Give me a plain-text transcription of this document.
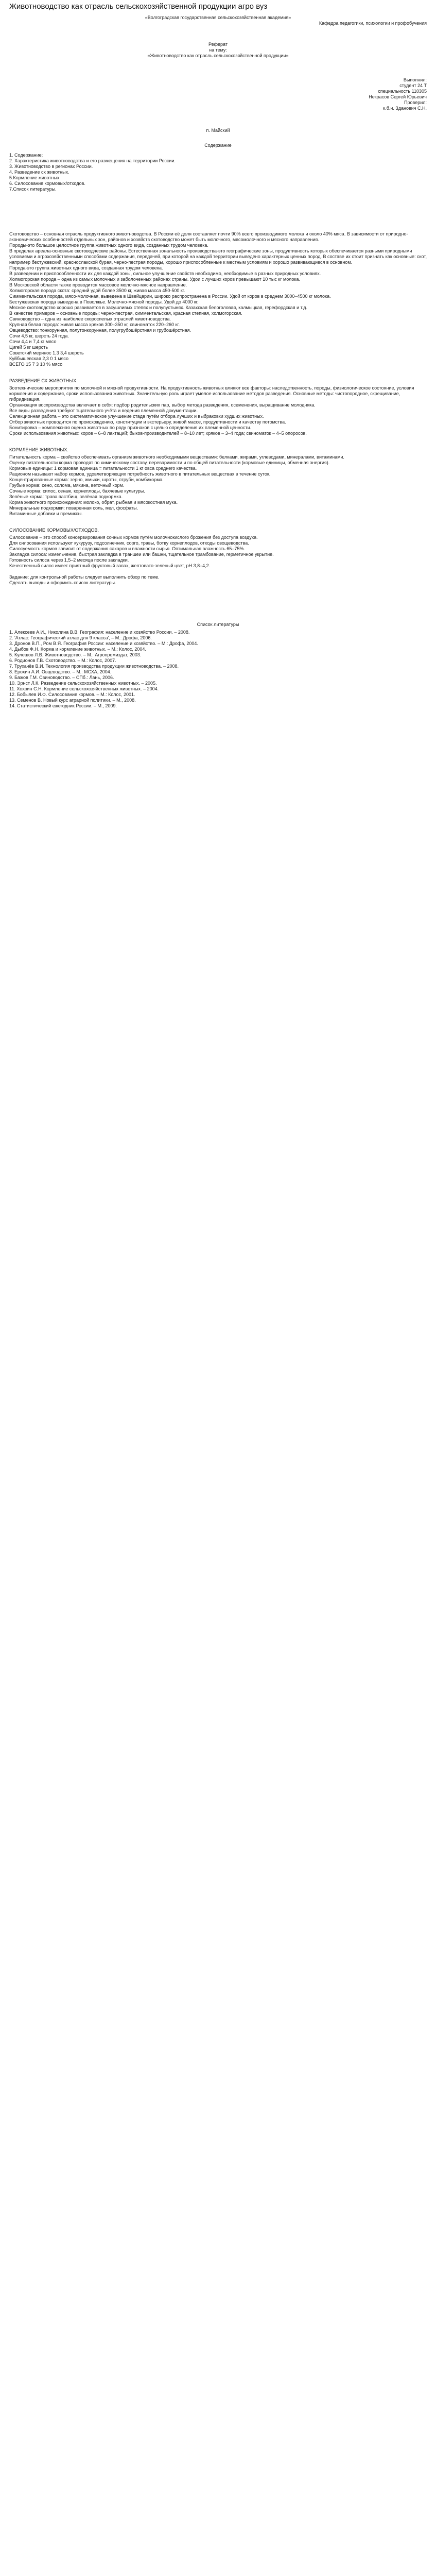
Животноводство как отрасль сельскохозяйственной продукции агро вуз

«Волгоградская государственная сельскохозяйственная академия»

Кафедра педагогики, психологии и профобучения

Реферат

на тему:

«Животноводство как отрасль сельскохозяйственной продукции»

Выполнил:

студент 24 Т

специальность 110305

Некрасов Сергей Юрьевич

Проверил:

к.б.н. Зданович С.Н.

п. Майский

Содержание

1. Содержание;

2. Характеристика животноводства и его размещения на территории России.

3. Животноводство в регионах России.

4. Разведение сх животных.

5.Кормление животных.

6. Силосование кормовых/отходов.

7.Список литературы.

Скотоводство – основная отрасль продуктивного животноводства. В России её доля составляет почти 90% всего производимого молока и около 40% мяса. В зависимости от природно-экономических особенностей отдельных зон, районов и хозяйств скотоводство может быть молочного, мясомолочного и мясного направления.

Породы-это большое целостное группа животных одного вида, созданных трудом человека.

В пределах ареала-основные скотоводческие районы. Естественная зональность производства-это географические зоны, продуктивность которых обеспечивается разными природными условиями и агрохозяйственными способами содержания, передачей, при которой на каждой территории выведено характерных ценных пород. В составе их стоит признать как основные: скот, например бестужевский, краснослакской бурая, черно-пестрая породы, хорошо приспособленные к местным условиям и хорошо развивающиеся в основном.

Порода-это группа животных одного вида, созданная трудом человека.

В разведении и приспособленности их для каждой зоны, сильное улучшение свойств необходимо, необходимые в разных природных условиях.

Холмогорская порода – одна из самых молочных и заболоченных районах страны. Удои с лучших коров превышают 10 тыс кг молока.

В Московской области также проводится массовое молочно-мясное направление.

Холмогорская порода скота: средний удой более 3500 кг, живая масса 450-500 кг.

Симментальская порода, мясо-молочная, выведена в Швейцарии, широко распространена в России. Удой от коров в среднем 3000–4500 кг молока.

Бестужевская порода выведена в Поволжье. Молочно-мясной породы. Удой до 4000 кг.

Мясное скотоводство хорошо развивается в засушливых степях и полупустынях. Казахская белоголовая, калмыцкая, герефордская и т.д.

В качестве примеров – основные породы: черно-пестрая, симментальская, красная степная, холмогорская.

Свиноводство – одна из наиболее скороспелых отраслей животноводства.

Крупная белая порода: живая масса хряков 300–350 кг, свиноматок 220–260 кг.

Овцеводство: тонкорунная, полутонкорунная, полугрубошёрстная и грубошёрстная.

Сочи 4,5 кг, шерсть 24 года.

Сочи 4,4 и 7,4 кг мясо

Цигей 5 кг шерсть

Советский меринос 1,3 3,4 шерсть

Куйбышевская 2,3 0 1 мясо

ВСЕГО 15 7 3 10 % мясо

РАЗВЕДЕНИЕ СХ ЖИВОТНЫХ.

Зоотехнические мероприятия по молочной и мясной продуктивности. На продуктивность животных влияют все факторы: наследственность, породы, физиологическое состояние, условия кормления и содержания, сроки использования животных. Значительную роль играет умелое использование методов разведения. Основные методы: чистопородное, скрещивание, гибридизация.

Организация воспроизводства включает в себя: подбор родительских пар, выбор метода разведения, осеменения, выращивание молодняка.

Все виды разведения требуют тщательного учёта и ведения племенной документации.

Селекционная работа – это систематическое улучшение стада путём отбора лучших и выбраковки худших животных.

Отбор животных проводится по происхождению, конституции и экстерьеру, живой массе, продуктивности и качеству потомства.

Бонитировка – комплексная оценка животных по ряду признаков с целью определения их племенной ценности.

Сроки использования животных: коров – 6–8 лактаций; быков-производителей – 8–10 лет; хряков – 3–4 года; свиноматок – 4–5 опоросов.

КОРМЛЕНИЕ ЖИВОТНЫХ.

Питательность корма – свойство обеспечивать организм животного необходимыми веществами: белками, жирами, углеводами, минералами, витаминами.

Оценку питательности корма проводят по химическому составу, переваримости и по общей питательности (кормовые единицы, обменная энергия).

Кормовые единицы: 1 кормовая единица = питательности 1 кг овса среднего качества.

Рационом называют набор кормов, удовлетворяющих потребность животного в питательных веществах в течение суток.

Концентрированные корма: зерно, жмыхи, шроты, отруби, комбикорма.

Грубые корма: сено, солома, мякина, веточный корм.

Сочные корма: силос, сенаж, корнеплоды, бахчевые культуры.

Зелёные корма: трава пастбищ, зелёная подкормка.

Корма животного происхождения: молоко, обрат, рыбная и мясокостная мука.

Минеральные подкормки: поваренная соль, мел, фосфаты.

Витаминные добавки и премиксы.

СИЛОСОВАНИЕ КОРМОВЫХ/ОТХОДОВ.

Силосование – это способ консервирования сочных кормов путём молочнокислого брожения без доступа воздуха.

Для силосования используют кукурузу, подсолнечник, сорго, травы, ботву корнеплодов, отходы овощеводства.

Силосуемость кормов зависит от содержания сахаров и влажности сырья. Оптимальная влажность 65–75%.

Закладка силоса: измельчение, быстрая закладка в траншеи или башни, тщательное трамбование, герметичное укрытие.

Готовность силоса через 1,5–2 месяца после закладки.

Качественный силос имеет приятный фруктовый запах, желтовато-зелёный цвет, pH 3,8–4,2.

Задание: для контрольной работы следует выполнить обзор по теме.

Сделать выводы и оформить список литературы.

Список литературы

1. Алексеев А.И., Николина В.В. География: население и хозяйство России. – 2008.

2. 'Атлас: Географический атлас для 9 класса', – М.: Дрофа, 2006.

3. Дронов В.П., Ром В.Я. География России: население и хозяйство. – М.: Дрофа, 2004.

4. Дыбов Ф.Н. Корма и кормление животных. – М.: Колос, 2004.

5. Кулешов Л.В. Животноводство. – М.: Агропромиздат, 2003.

6. Родионов Г.В. Скотоводство. – М.: Колос, 2007.

7. Трухачёв В.И. Технология производства продукции животноводства. – 2008.

8. Ерохин А.И. Овцеводство. – М.: МСХА, 2004.

9. Бажов Г.М. Свиноводство. – СПб.: Лань, 2006.

10. Эрнст Л.К. Разведение сельскохозяйственных животных. – 2005.

11. Хохрин С.Н. Кормление сельскохозяйственных животных. – 2004.

12. Бобылев И.Ф. Силосование кормов. – М.: Колос, 2001.

13. Семенов В. Новый курс аграрной политики. – М., 2008.

14. Статистический ежегодник России. – М., 2009.
